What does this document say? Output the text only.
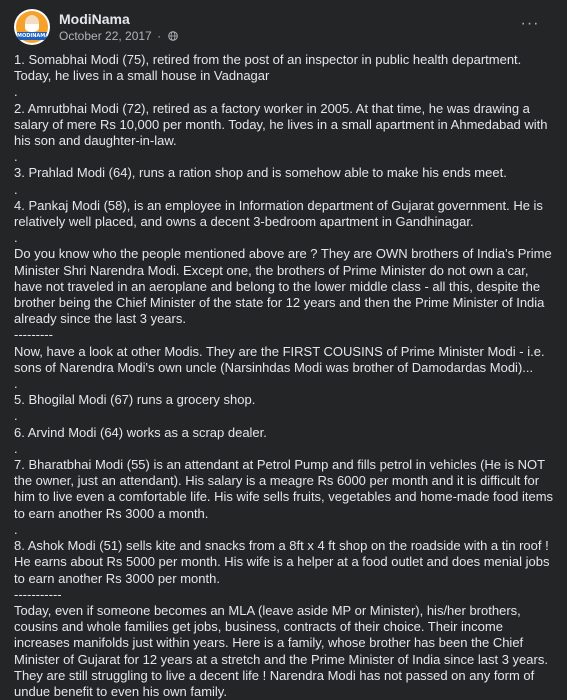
MODINAMA
ModiNama
October 22, 2017 ·
···

1. Somabhai Modi (75), retired from the post of an inspector in public health department. Today, he lives in a small house in Vadnagar

.

2. Amrutbhai Modi (72), retired as a factory worker in 2005. At that time, he was drawing a salary of mere Rs 10,000 per month. Today, he lives in a small apartment in Ahmedabad with his son and daughter-in-law.

.

3. Prahlad Modi (64), runs a ration shop and is somehow able to make his ends meet.

.

4. Pankaj Modi (58), is an employee in Information department of Gujarat government. He is relatively well placed, and owns a decent 3-bedroom apartment in Gandhinagar.

.

Do you know who the people mentioned above are ? They are OWN brothers of India's Prime Minister Shri Narendra Modi. Except one, the brothers of Prime Minister do not own a car, have not traveled in an aeroplane and belong to the lower middle class - all this, despite the brother being the Chief Minister of the state for 12 years and then the Prime Minister of India already since the last 3 years.

---------

Now, have a look at other Modis. They are the FIRST COUSINS of Prime Minister Modi - i.e. sons of Narendra Modi's own uncle (Narsinhdas Modi was brother of Damodardas Modi)...

.

5. Bhogilal Modi (67) runs a grocery shop.

.

6. Arvind Modi (64) works as a scrap dealer.

.

7. Bharatbhai Modi (55) is an attendant at Petrol Pump and fills petrol in vehicles (He is NOT the owner, just an attendant). His salary is a meagre Rs 6000 per month and it is difficult for him to live even a comfortable life. His wife sells fruits, vegetables and home-made food items to earn another Rs 3000 a month.

.

8. Ashok Modi (51) sells kite and snacks from a 8ft x 4 ft shop on the roadside with a tin roof ! He earns about Rs 5000 per month. His wife is a helper at a food outlet and does menial jobs to earn another Rs 3000 per month.

-----------

Today, even if someone becomes an MLA (leave aside MP or Minister), his/her brothers, cousins and whole families get jobs, business, contracts of their choice. Their income increases manifolds just within years. Here is a family, whose brother has been the Chief Minister of Gujarat for 12 years at a stretch and the Prime Minister of India since last 3 years. They are still struggling to live a decent life ! Narendra Modi has not passed on any form of undue benefit to even his own family.
